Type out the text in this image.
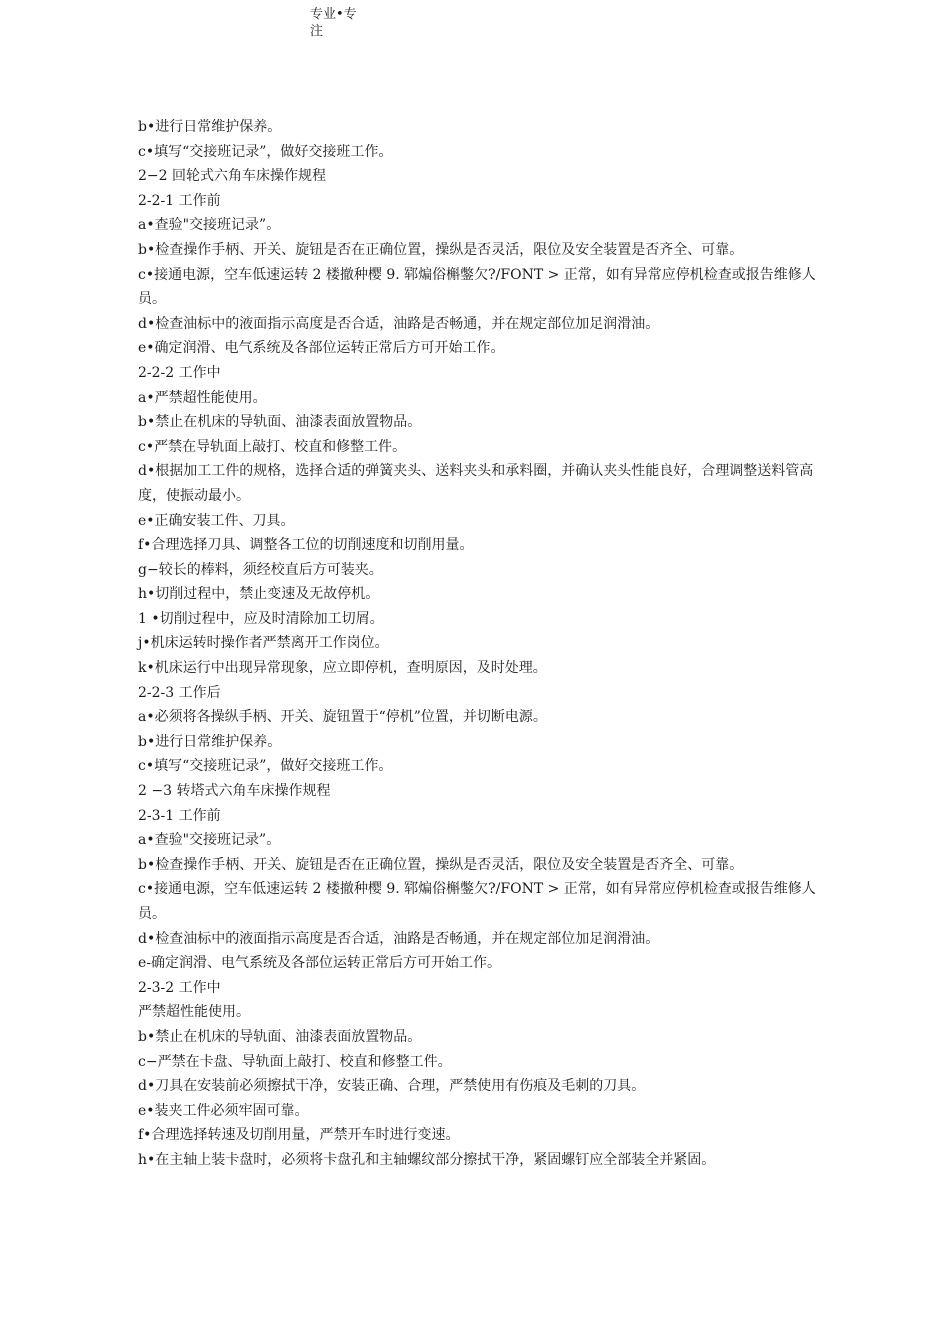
专业•专
注
b•进行日常维护保养。
c•填写“交接班记录”，做好交接班工作。
2−2 回轮式六角车床操作规程
2-2-1 工作前
a•查验"交接班记录”。
b•检查操作手柄、开关、旋钮是否在正确位置，操纵是否灵活，限位及安全装置是否齐全、可靠。
c•接通电源，空车低速运转 2 楼撤种樱 9. 郓煸俗槲鐅欠?/FONT > 正常，如有异常应停机检查或报告维修人员。
d•检查油标中的液面指示高度是否合适，油路是否畅通，并在规定部位加足润滑油。
e•确定润滑、电气系统及各部位运转正常后方可开始工作。
2-2-2 工作中
a•严禁超性能使用。
b•禁止在机床的导轨面、油漆表面放置物品。
c•严禁在导轨面上敲打、校直和修整工件。
d•根据加工工件的规格，选择合适的弹簧夹头、送料夹头和承料圈，并确认夹头性能良好，合理调整送料管高度，使振动最小。
e•正确安装工件、刀具。
f•合理选择刀具、调整各工位的切削速度和切削用量。
g−较长的棒料，须经校直后方可装夹。
h•切削过程中，禁止变速及无故停机。
1 •切削过程中，应及时清除加工切屑。
j•机床运转时操作者严禁离开工作岗位。
k•机床运行中出现异常现象，应立即停机，查明原因，及时处理。
2-2-3 工作后
a•必须将各操纵手柄、开关、旋钮置于“停机”位置，并切断电源。
b•进行日常维护保养。
c•填写“交接班记录”，做好交接班工作。
2 −3 转塔式六角车床操作规程
2-3-1 工作前
a•查验"交接班记录”。
b•检查操作手柄、开关、旋钮是否在正确位置，操纵是否灵活，限位及安全装置是否齐全、可靠。
c•接通电源，空车低速运转 2 楼撤种樱 9. 郓煸俗槲鐅欠?/FONT > 正常，如有异常应停机检查或报告维修人员。
d•检查油标中的液面指示高度是否合适，油路是否畅通，并在规定部位加足润滑油。
e-确定润滑、电气系统及各部位运转正常后方可开始工作。
2-3-2 工作中
严禁超性能使用。
b•禁止在机床的导轨面、油漆表面放置物品。
c−严禁在卡盘、导轨面上敲打、校直和修整工件。
d•刀具在安装前必须擦拭干净，安装正确、合理，严禁使用有伤痕及毛刺的刀具。
e•装夹工件必须牢固可靠。
f•合理选择转速及切削用量，严禁开车时进行变速。
h•在主轴上装卡盘时，必须将卡盘孔和主轴螺纹部分擦拭干净，紧固螺钉应全部装全并紧固。
